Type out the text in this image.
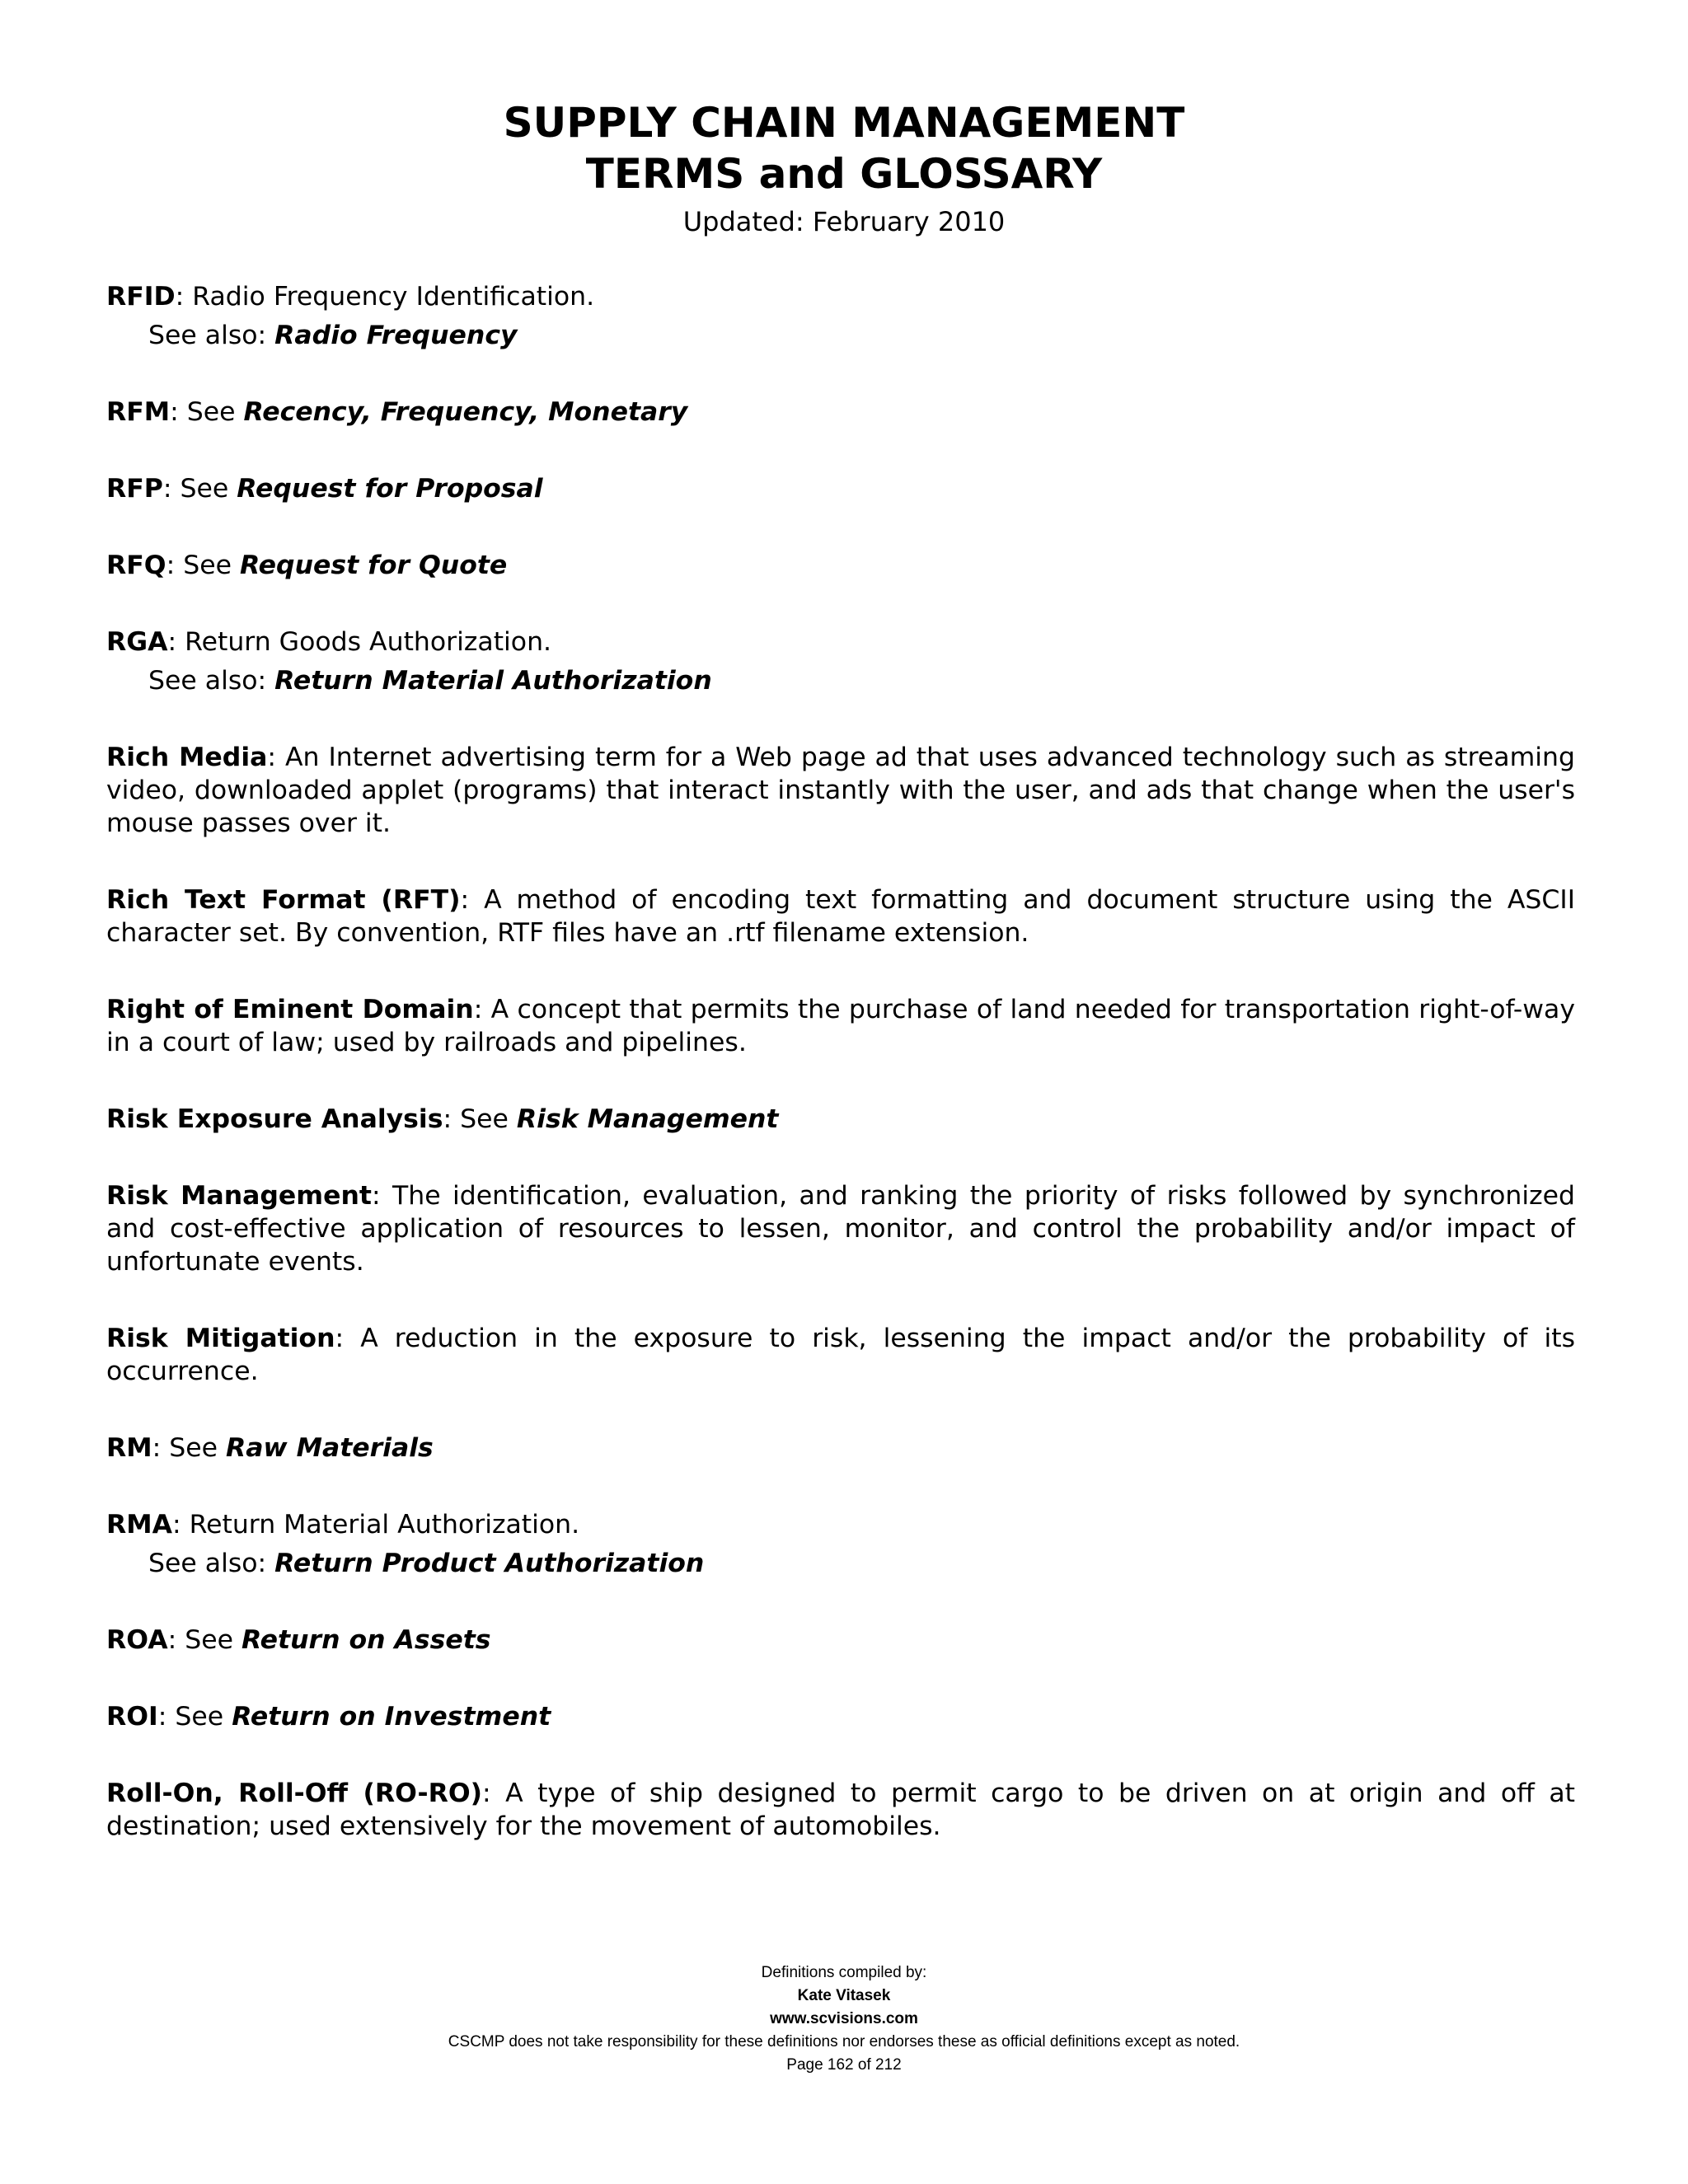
SUPPLY CHAIN MANAGEMENT
TERMS and GLOSSARY
Updated: February 2010
RFID: Radio Frequency Identification.
See also: Radio Frequency
RFM: See Recency, Frequency, Monetary
RFP: See Request for Proposal
RFQ: See Request for Quote
RGA: Return Goods Authorization.
See also: Return Material Authorization
Rich Media: An Internet advertising term for a Web page ad that uses advanced technology such as streaming video, downloaded applet (programs) that interact instantly with the user, and ads that change when the user's mouse passes over it.
Rich Text Format (RFT): A method of encoding text formatting and document structure using the ASCII character set. By convention, RTF files have an .rtf filename extension.
Right of Eminent Domain: A concept that permits the purchase of land needed for transportation right-of-way in a court of law; used by railroads and pipelines.
Risk Exposure Analysis: See Risk Management
Risk Management: The identification, evaluation, and ranking the priority of risks followed by synchronized and cost-effective application of resources to lessen, monitor, and control the probability and/or impact of unfortunate events.
Risk Mitigation: A reduction in the exposure to risk, lessening the impact and/or the probability of its occurrence.
RM: See Raw Materials
RMA: Return Material Authorization.
See also: Return Product Authorization
ROA: See Return on Assets
ROI: See Return on Investment
Roll-On, Roll-Off (RO-RO): A type of ship designed to permit cargo to be driven on at origin and off at destination; used extensively for the movement of automobiles.
Definitions compiled by:
Kate Vitasek
www.scvisions.com
CSCMP does not take responsibility for these definitions nor endorses these as official definitions except as noted.
Page 162 of 212
